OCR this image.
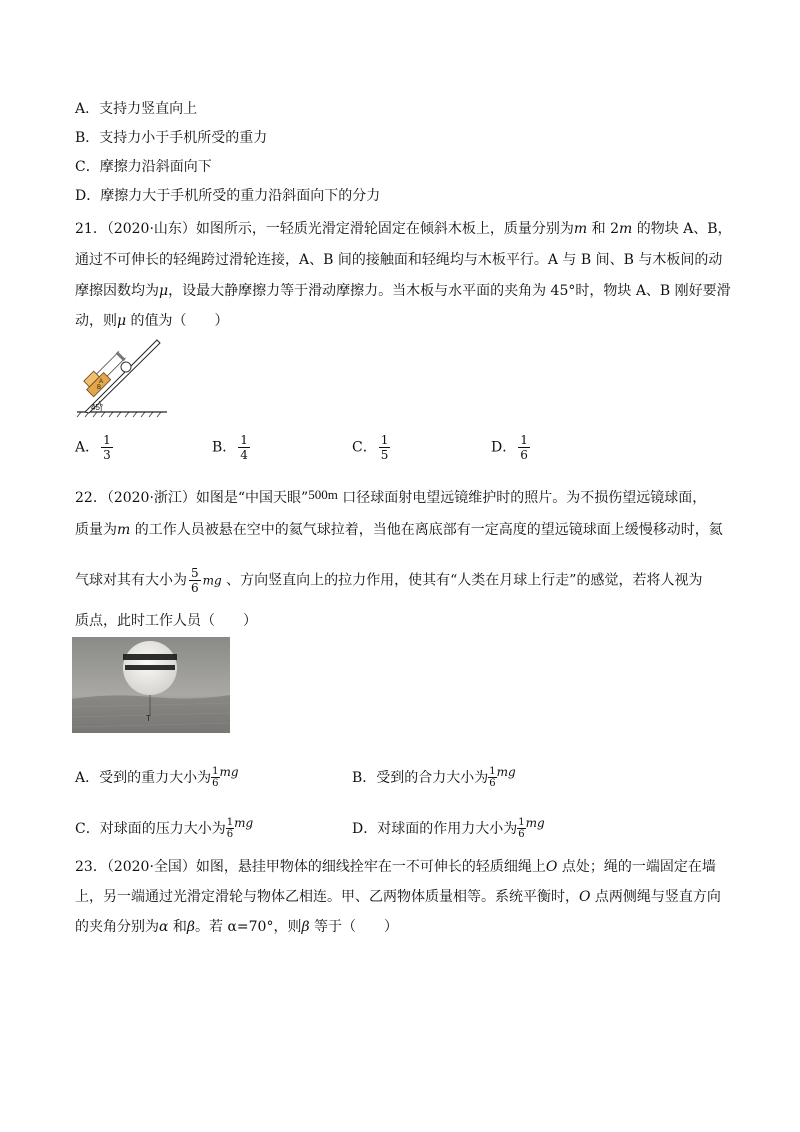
A．支持力竖直向上
B．支持力小于手机所受的重力
C．摩擦力沿斜面向下
D．摩擦力大于手机所受的重力沿斜面向下的分力
21．（2020·山东）如图所示，一轻质光滑定滑轮固定在倾斜木板上，质量分别为m 和 2m 的物块 A、B，
通过不可伸长的轻绳跨过滑轮连接，A、B 间的接触面和轻绳均与木板平行。A 与 B 间、B 与木板间的动
摩擦因数均为μ，设最大静摩擦力等于滑动摩擦力。当木板与水平面的夹角为 45°时，物块 A、B 刚好要滑
动，则μ 的值为（　　）
45°
B
A
A． $\frac{1}{3}$	B． $\frac{1}{4}$	C． $\frac{1}{5}$	D． $\frac{1}{6}$
22．（2020·浙江）如图是“中国天眼”500m 口径球面射电望远镜维护时的照片。为不损伤望远镜球面，
质量为m 的工作人员被悬在空中的氦气球拉着，当他在离底部有一定高度的望远镜球面上缓慢移动时，氦
气球对其有大小为 $\frac{5}{6}$ mg 、方向竖直向上的拉力作用，使其有“人类在月球上行走”的感觉，若将人视为
质点，此时工作人员（　　）
T
A．受到的重力大小为 $\frac{1}{6}$ mg	B．受到的合力大小为 $\frac{1}{6}$ mg
C．对球面的压力大小为 $\frac{1}{6}$ mg	D．对球面的作用力大小为 $\frac{1}{6}$ mg
23．（2020·全国）如图，悬挂甲物体的细线拴牢在一不可伸长的轻质细绳上O 点处；绳的一端固定在墙
上，另一端通过光滑定滑轮与物体乙相连。甲、乙两物体质量相等。系统平衡时，O 点两侧绳与竖直方向
的夹角分别为α 和β。若 α=70°，则β 等于（　　）
